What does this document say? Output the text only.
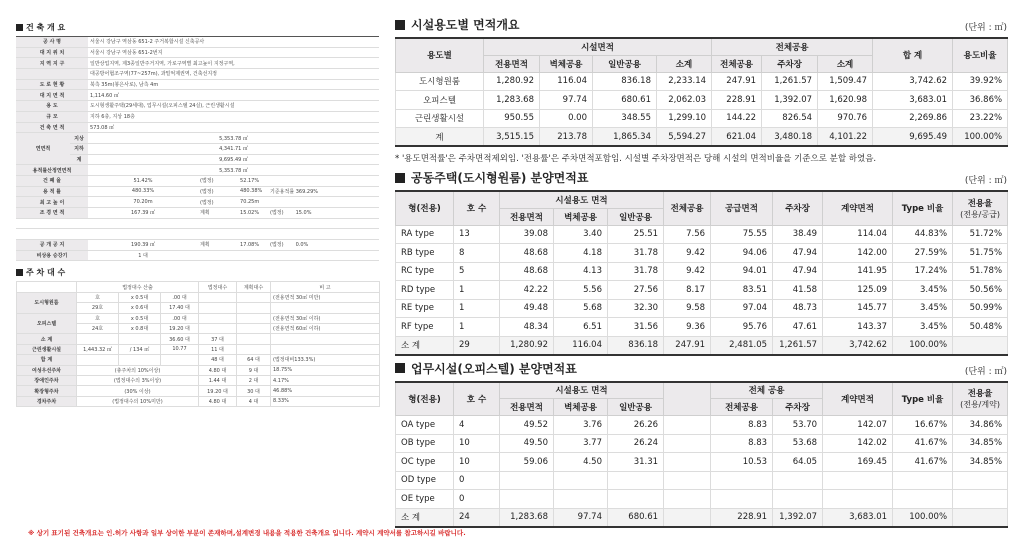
건 축 개 요
공 사 명		서울시 강남구 역삼동 651-2 주거복합시설 신축공사			
대 지 위 치		서울시 강남구 역삼동 651-2번지			
지 역 지 구		일반상업지역, 제3종일반주거지역, 가로구역별 최고높이 지정구역,			
		대공방어협조구역(77~257m), 과밀억제권역, 건축선지정			
도 로 현 황		북측 35m(봉은사로), 남측 4m			
대 지 면 적		1,114.60 ㎡			
용 도		도시형생활주택(29세대), 업무시설(오피스텔 24실), 근린생활시설			
규 모		지하 6층, 지상 18층			
건 축 면 적		573.08 ㎡			
연면적	지상	5,353.78 ㎡			
	지하	4,341.71 ㎡			
	계	9,695.49 ㎡			
용적률산정연면적		5,353.78 ㎡			
건 폐 율		51.42%	(법정)	52.17%	
용 적 률		480.33%	(법정)	480.38%	기준용적률 369.29%
최 고 높 이		70.20m	(법정)	70.25m	
조 경 면 적		167.39 ㎡	계획	15.02%	(법정) 15.0%

공 개 공 지		190.39 ㎡	계획	17.08%	(법정) 0.0%
비상용 승강기		1 대			
주 차 대 수
	법정대수 산출			법정대수	계획대수	비 고
도시형원룸	호	x 0.5대	.00 대			(전용면적 30㎡ 미만)
	29호	x 0.6대	17.40 대			
오피스텔	호	x 0.5대	.00 대			(전용면적 30㎡ 이하)
	24호	x 0.8대	19.20 대			(전용면적 60㎡ 이하)
소 계			36.60 대	37 대		
근린생활시설	1,443.32 ㎡	/ 134 ㎡	10.77	11 대		
합 계				48 대	64 대	(법정대비133.3%)
여성우선주차	(총주차의 10%이상)			4.80 대	9 대	18.75%
장애인주차	(법정대수의 3%이상)			1.44 대	2 대	4.17%
확장형주차	(30% 이상)			19.20 대	30 대	46.88%
경차주차	(법정대수의 10%미만)			4.80 대	4 대	8.33%
시설용도별 면적개요	(단위 : ㎡)
용도별	시설면적				전체공용			합 계	용도비율
	전용면적	벽체공용	일반공용	소계	전체공용	주차장	소계		
도시형원룸	1,280.92	116.04	836.18	2,233.14	247.91	1,261.57	1,509.47	3,742.62	39.92%
오피스텔	1,283.68	97.74	680.61	2,062.03	228.91	1,392.07	1,620.98	3,683.01	36.86%
근린생활시설	950.55	0.00	348.55	1,299.10	144.22	826.54	970.76	2,269.86	23.22%
계	3,515.15	213.78	1,865.34	5,594.27	621.04	3,480.18	4,101.22	9,695.49	100.00%
* '용도면적률'은 주차면적제외임. '전용률'은 주차면적포함임. 시설별 주차장면적은 당해 시설의 면적비율을 기준으로 분할 하였음.
공동주택(도시형원룸) 분양면적표	(단위 : ㎡)
형(전용)	호 수	시설용도 면적			전체공용	공급면적	주차장	계약면적	Type 비율	전용율
(전용/공급)
		전용면적	벽체공용	일반공용						
RA type	13	39.08	3.40	25.51	7.56	75.55	38.49	114.04	44.83%	51.72%
RB type	8	48.68	4.18	31.78	9.42	94.06	47.94	142.00	27.59%	51.75%
RC type	5	48.68	4.13	31.78	9.42	94.01	47.94	141.95	17.24%	51.78%
RD type	1	42.22	5.56	27.56	8.17	83.51	41.58	125.09	3.45%	50.56%
RE type	1	49.48	5.68	32.30	9.58	97.04	48.73	145.77	3.45%	50.99%
RF type	1	48.34	6.51	31.56	9.36	95.76	47.61	143.37	3.45%	50.48%
소 계	29	1,280.92	116.04	836.18	247.91	2,481.05	1,261.57	3,742.62	100.00%	
업무시설(오피스텔) 분양면적표	(단위 : ㎡)
형(전용)	호 수	시설용도 면적				전체 공용		계약면적	Type 비율	전용율
(전용/계약)
		전용면적	벽체공용	일반공용		전체공용	주차장			
OA type	4	49.52	3.76	26.26		8.83	53.70	142.07	16.67%	34.86%
OB type	10	49.50	3.77	26.24		8.83	53.68	142.02	41.67%	34.85%
OC type	10	59.06	4.50	31.31		10.53	64.05	169.45	41.67%	34.85%
OD type	0									
OE type	0									
소 계	24	1,283.68	97.74	680.61		228.91	1,392.07	3,683.01	100.00%	
※ 상기 표기된 건축개요는 인.허가 사항과 일부 상이한 부분이 존재하며,설계변경 내용을 적용한 건축개요 입니다. 계약시 계약서를 참고하시길 바랍니다.
